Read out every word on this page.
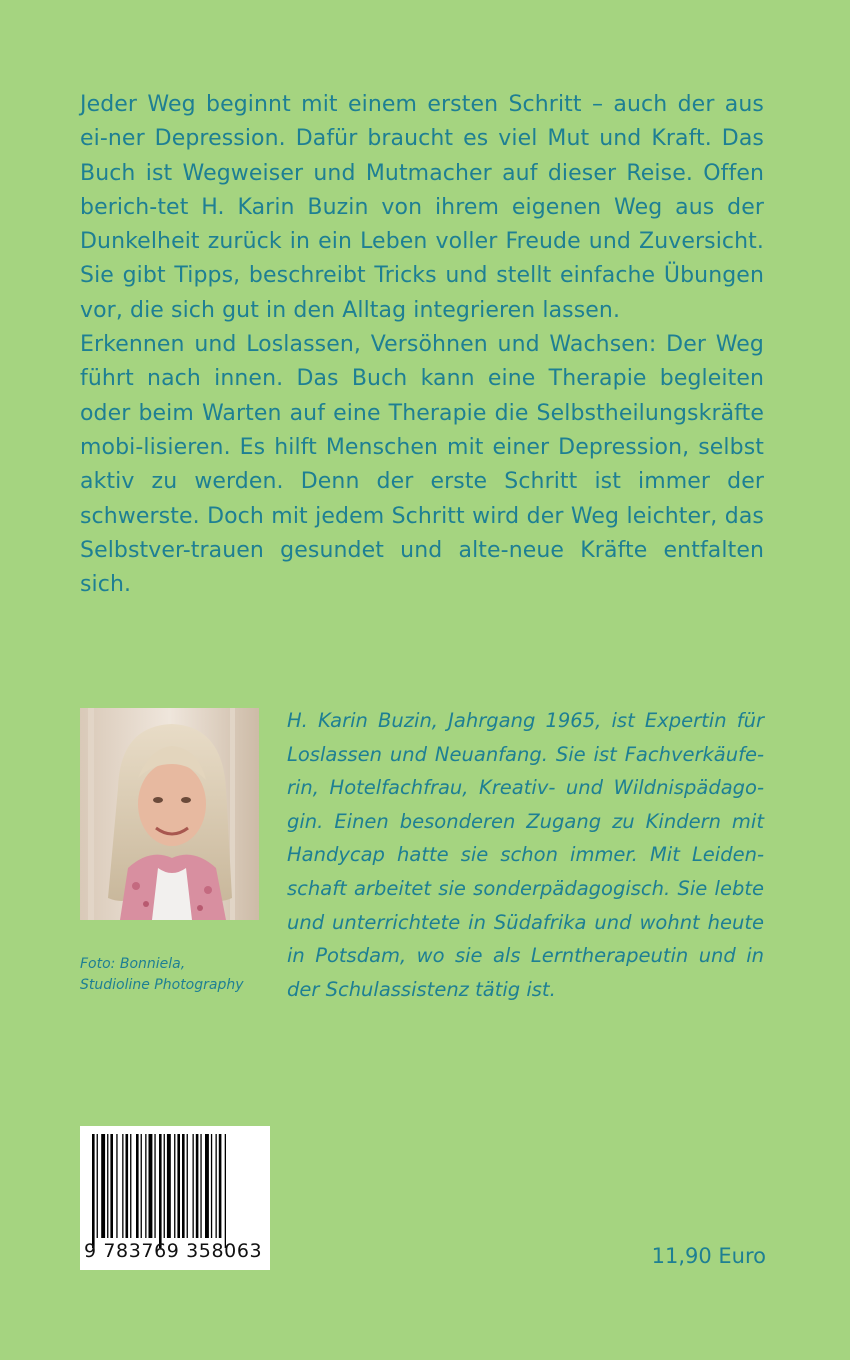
Jeder Weg beginnt mit einem ersten Schritt – auch der aus ei-ner Depression. Dafür braucht es viel Mut und Kraft. Das Buch ist Wegweiser und Mutmacher auf dieser Reise. Offen berich-tet H. Karin Buzin von ihrem eigenen Weg aus der Dunkelheit zurück in ein Leben voller Freude und Zuversicht. Sie gibt Tipps, beschreibt Tricks und stellt einfache Übungen vor, die sich gut in den Alltag integrieren lassen.

Erkennen und Loslassen, Versöhnen und Wachsen: Der Weg führt nach innen. Das Buch kann eine Therapie begleiten oder beim Warten auf eine Therapie die Selbstheilungskräfte mobi-lisieren. Es hilft Menschen mit einer Depression, selbst aktiv zu werden. Denn der erste Schritt ist immer der schwerste. Doch mit jedem Schritt wird der Weg leichter, das Selbstver-trauen gesundet und alte-neue Kräfte entfalten sich.

Foto: Bonniela,
Studioline Photography
H. Karin Buzin, Jahrgang 1965, ist Expertin für Loslassen und Neuanfang. Sie ist Fachverkäufe-rin, Hotelfachfrau, Kreativ- und Wildnispädago-gin. Einen besonderen Zugang zu Kindern mit Handycap hatte sie schon immer. Mit Leiden-schaft arbeitet sie sonderpädagogisch. Sie lebte und unterrichtete in Südafrika und wohnt heute in Potsdam, wo sie als Lerntherapeutin und in der Schulassistenz tätig ist.
9 783769 358063	11,90 Euro
